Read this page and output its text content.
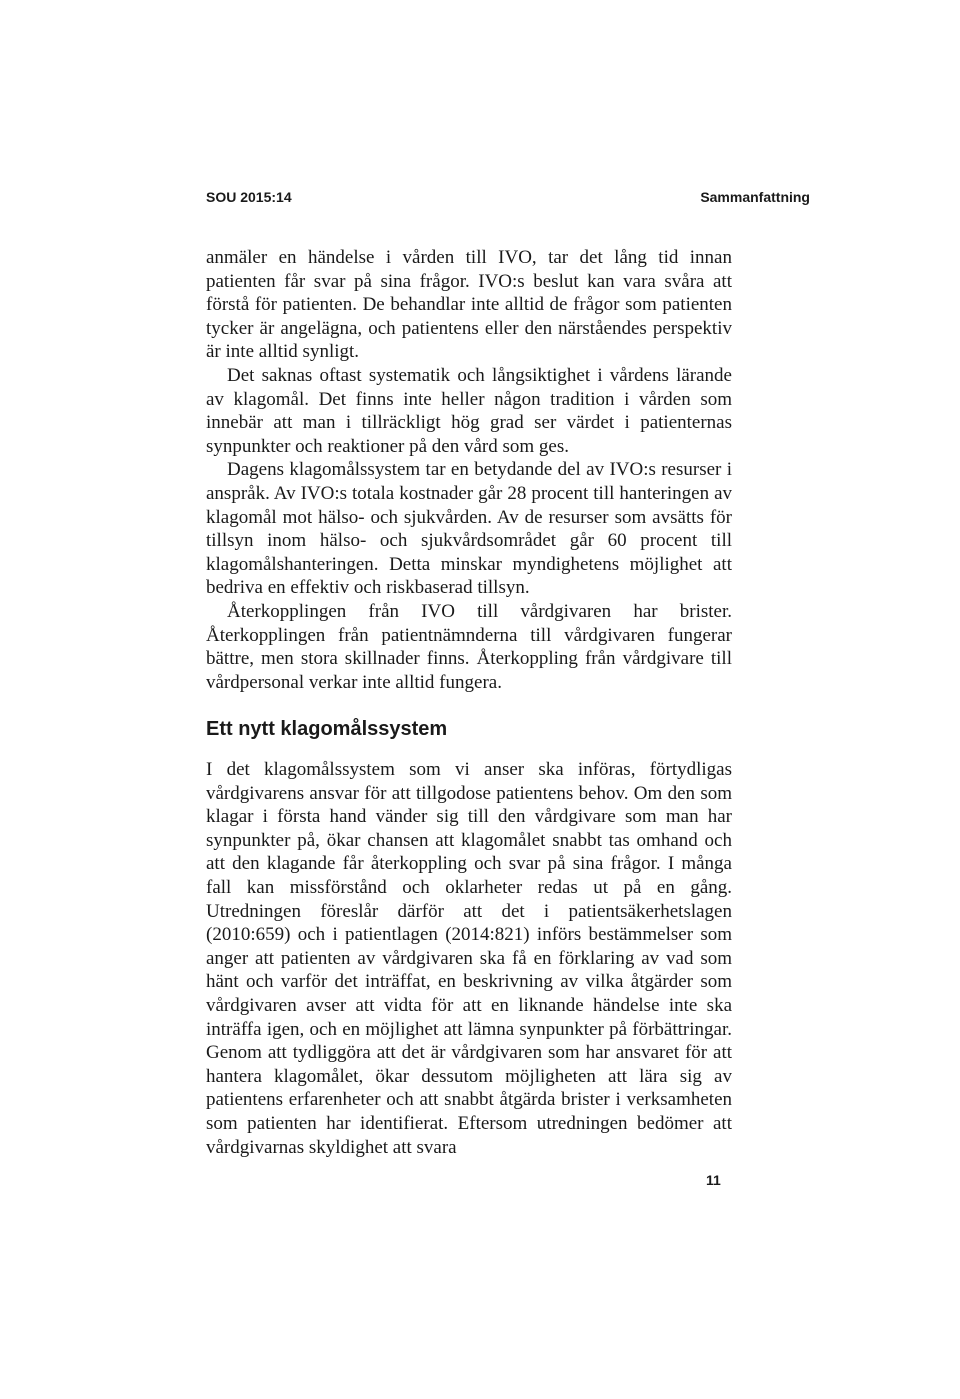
SOU 2015:14	Sammanfattning

anmäler en händelse i vården till IVO, tar det lång tid innan patienten får svar på sina frågor. IVO:s beslut kan vara svåra att förstå för patienten. De behandlar inte alltid de frågor som patienten tycker är angelägna, och patientens eller den närståendes perspektiv är inte alltid synligt.

Det saknas oftast systematik och långsiktighet i vårdens lärande av klagomål. Det finns inte heller någon tradition i vården som innebär att man i tillräckligt hög grad ser värdet i patienternas synpunkter och reaktioner på den vård som ges.

Dagens klagomålssystem tar en betydande del av IVO:s resurser i anspråk. Av IVO:s totala kostnader går 28 procent till hanteringen av klagomål mot hälso- och sjukvården. Av de resurser som avsätts för tillsyn inom hälso- och sjukvårdsområdet går 60 procent till klagomålshanteringen. Detta minskar myndighetens möjlighet att bedriva en effektiv och riskbaserad tillsyn.

Återkopplingen från IVO till vårdgivaren har brister. Återkopplingen från patientnämnderna till vårdgivaren fungerar bättre, men stora skillnader finns. Återkoppling från vårdgivare till vårdpersonal verkar inte alltid fungera.

Ett nytt klagomålssystem

I det klagomålssystem som vi anser ska införas, förtydligas vårdgivarens ansvar för att tillgodose patientens behov. Om den som klagar i första hand vänder sig till den vårdgivare som man har synpunkter på, ökar chansen att klagomålet snabbt tas omhand och att den klagande får återkoppling och svar på sina frågor. I många fall kan missförstånd och oklarheter redas ut på en gång. Utredningen föreslår därför att det i patientsäkerhetslagen (2010:659) och i patientlagen (2014:821) införs bestämmelser som anger att patienten av vårdgivaren ska få en förklaring av vad som hänt och varför det inträffat, en beskrivning av vilka åtgärder som vårdgivaren avser att vidta för att en liknande händelse inte ska inträffa igen, och en möjlighet att lämna synpunkter på förbättringar. Genom att tydliggöra att det är vårdgivaren som har ansvaret för att hantera klagomålet, ökar dessutom möjligheten att lära sig av patientens erfarenheter och att snabbt åtgärda brister i verksamheten som patienten har identifierat. Eftersom utredningen bedömer att vårdgivarnas skyldighet att svara

11
